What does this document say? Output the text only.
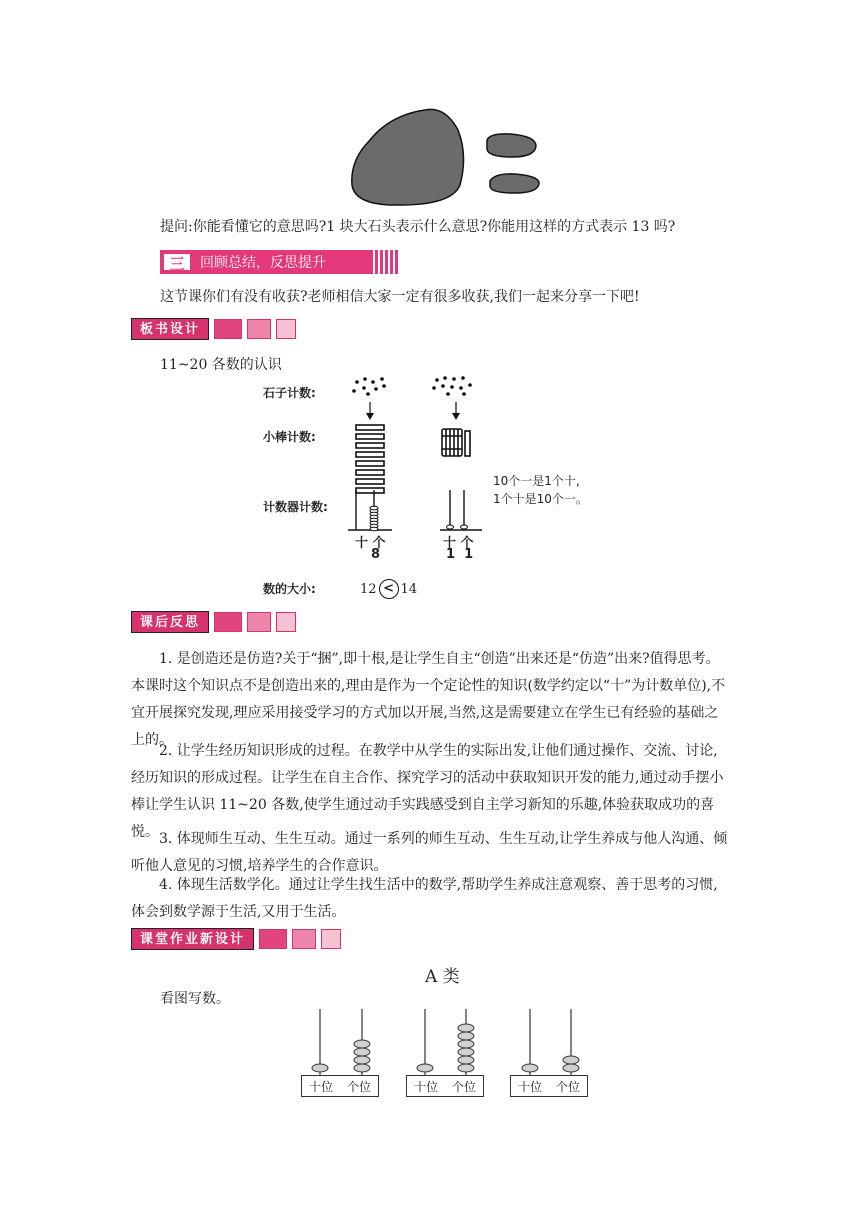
提问:你能看懂它的意思吗?1 块大石头表示什么意思?你能用这样的方式表示 13 吗?
三	回顾总结，反思提升
这节课你们有没有收获?老师相信大家一定有很多收获,我们一起来分享一下吧!
板书设计
11~20 各数的认识
石子计数:
小棒计数:
计数器计数:
数的大小:
十 个
8
十 个
1  1
10个一是1个十,
1个十是10个一。
12 < 14
课后反思
1. 是创造还是仿造?关于“捆”,即十根,是让学生自主“创造”出来还是“仿造”出来?值得思考。本课时这个知识点不是创造出来的,理由是作为一个定论性的知识(数学约定以“十”为计数单位),不宜开展探究发现,理应采用接受学习的方式加以开展,当然,这是需要建立在学生已有经验的基础之上的。
2. 让学生经历知识形成的过程。在教学中从学生的实际出发,让他们通过操作、交流、讨论,经历知识的形成过程。让学生在自主合作、探究学习的活动中获取知识开发的能力,通过动手摆小棒让学生认识 11~20 各数,使学生通过动手实践感受到自主学习新知的乐趣,体验获取成功的喜悦。 3. 体现师生互动、生生互动。通过一系列的师生互动、生生互动,让学生养成与他人沟通、倾听他人意见的习惯,培养学生的合作意识。
4. 体现生活数学化。通过让学生找生活中的数学,帮助学生养成注意观察、善于思考的习惯,体会到数学源于生活,又用于生活。
课堂作业新设计
A 类
看图写数。
十位 个位	十位 个位	十位 个位
